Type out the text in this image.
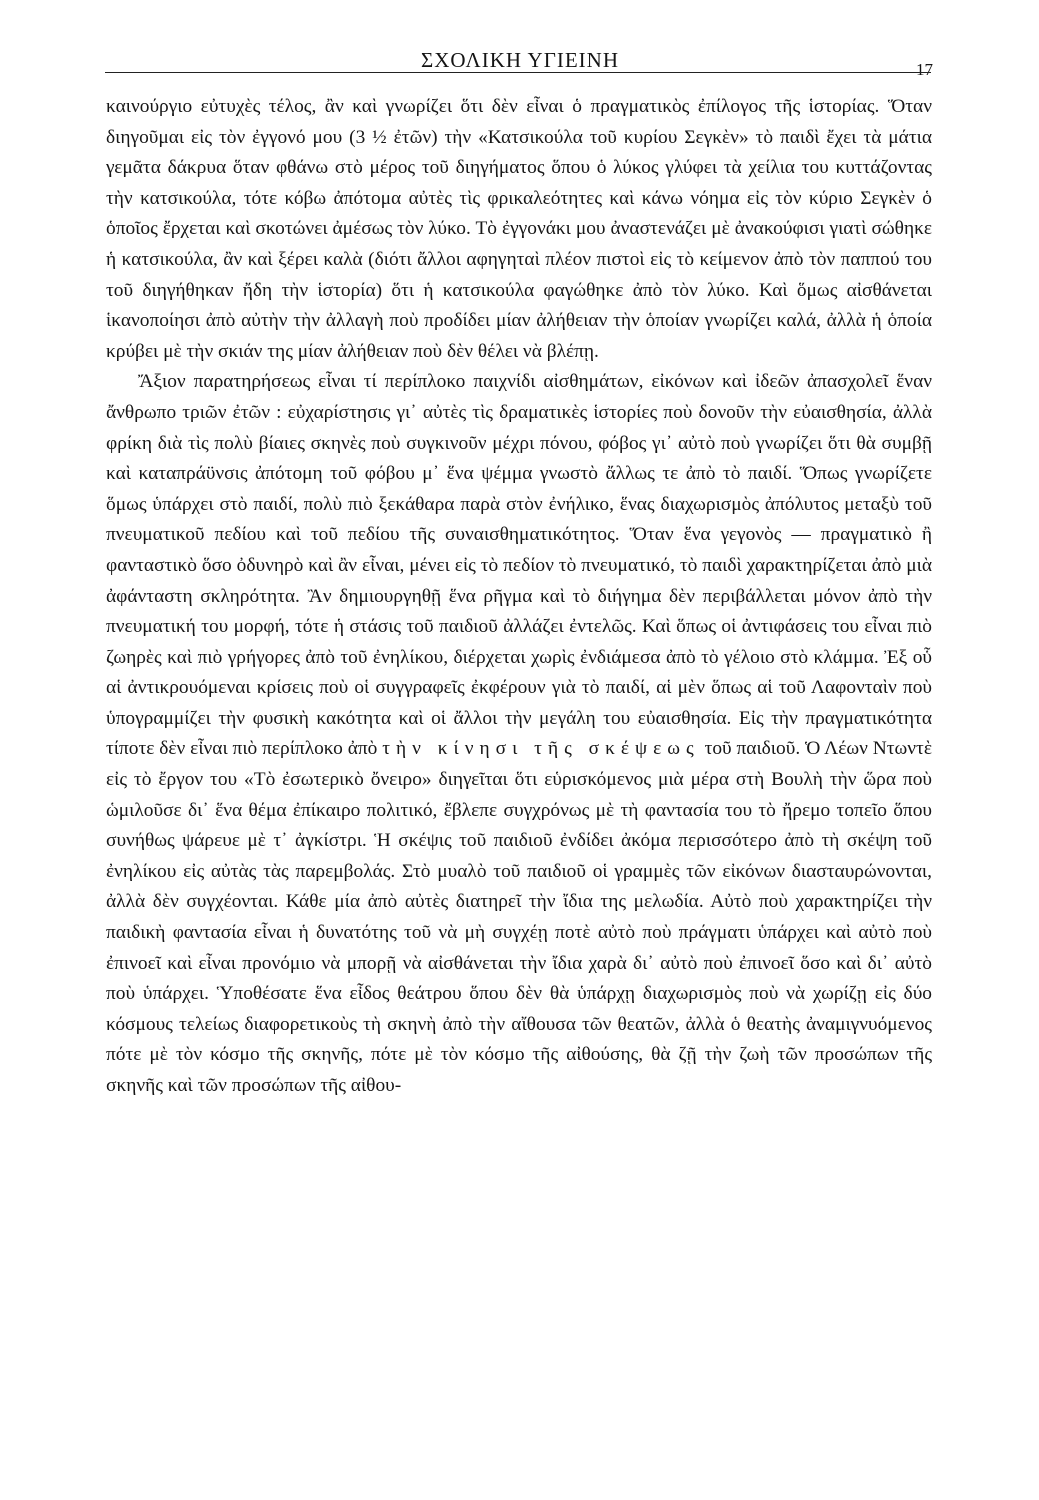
ΣΧΟΛΙΚΗ ΥΓΙΕΙΝΗ	17

καινούργιο εὐτυχὲς τέλος, ἂν καὶ γνωρίζει ὅτι δὲν εἶναι ὁ πραγματικὸς ἐπίλογος τῆς ἱστορίας. Ὅταν διηγοῦμαι εἰς τὸν ἐγγονό μου (3 ½ ἐτῶν) τὴν «Κατσικούλα τοῦ κυρίου Σεγκὲν» τὸ παιδὶ ἔχει τὰ μάτια γεμᾶτα δάκρυα ὅταν φθάνω στὸ μέρος τοῦ διηγήματος ὅπου ὁ λύκος γλύφει τὰ χείλια του κυττάζοντας τὴν κατσικούλα, τότε κόβω ἀπότομα αὐτὲς τὶς φρικαλεότητες καὶ κάνω νόημα εἰς τὸν κύριο Σεγκὲν ὁ ὁποῖος ἔρχεται καὶ σκοτώνει ἀμέσως τὸν λύκο. Τὸ ἐγγονάκι μου ἀναστενάζει μὲ ἀνακούφισι γιατὶ σώθηκε ἡ κατσικούλα, ἂν καὶ ξέρει καλὰ (διότι ἄλλοι αφηγηταὶ πλέον πιστοὶ εἰς τὸ κείμενον ἀπὸ τὸν παππού του τοῦ διηγήθηκαν ἤδη τὴν ἱστορία) ὅτι ἡ κατσικούλα φαγώθηκε ἀπὸ τὸν λύκο. Καὶ ὅμως αἰσθάνεται ἱκανοποίησι ἀπὸ αὐτὴν τὴν ἀλλαγὴ ποὺ προδίδει μίαν ἀλήθειαν τὴν ὁποίαν γνωρίζει καλά, ἀλλὰ ἡ ὁποία κρύβει μὲ τὴν σκιάν της μίαν ἀλήθειαν ποὺ δὲν θέλει νὰ βλέπῃ.

Ἄξιον παρατηρήσεως εἶναι τί περίπλοκο παιχνίδι αἰσθημάτων, εἰκόνων καὶ ἰδεῶν ἀπασχολεῖ ἕναν ἄνθρωπο τριῶν ἐτῶν : εὐχαρίστησις γι᾿ αὐτὲς τὶς δραματικὲς ἱστορίες ποὺ δονοῦν τὴν εὐαισθησία, ἀλλὰ φρίκη διὰ τὶς πολὺ βίαιες σκηνὲς ποὺ συγκινοῦν μέχρι πόνου, φόβος γι᾿ αὐτὸ ποὺ γνωρίζει ὅτι θὰ συμβῇ καὶ καταπράϋνσις ἀπότομη τοῦ φόβου μ᾿ ἕνα ψέμμα γνωστὸ ἄλλως τε ἀπὸ τὸ παιδί. Ὅπως γνωρίζετε ὅμως ὑπάρχει στὸ παιδί, πολὺ πιὸ ξεκάθαρα παρὰ στὸν ἐνήλικο, ἕνας διαχωρισμὸς ἀπόλυτος μεταξὺ τοῦ πνευματικοῦ πεδίου καὶ τοῦ πεδίου τῆς συναισθηματικότητος. Ὅταν ἕνα γεγονὸς — πραγματικὸ ἢ φανταστικὸ ὅσο ὀδυνηρὸ καὶ ἂν εἶναι, μένει εἰς τὸ πεδίον τὸ πνευματικό, τὸ παιδὶ χαρακτηρίζεται ἀπὸ μιὰ ἀφάνταστη σκληρότητα. Ἂν δημιουργηθῇ ἕνα ρῆγμα καὶ τὸ διήγημα δὲν περιβάλλεται μόνον ἀπὸ τὴν πνευματική του μορφή, τότε ἡ στάσις τοῦ παιδιοῦ ἀλλάζει ἐντελῶς. Καὶ ὅπως οἱ ἀντιφάσεις του εἶναι πιὸ ζωηρὲς καὶ πιὸ γρήγορες ἀπὸ τοῦ ἐνηλίκου, διέρχεται χωρὶς ἐνδιάμεσα ἀπὸ τὸ γέλοιο στὸ κλάμμα. Ἐξ οὗ αἱ ἀντικρουόμεναι κρίσεις ποὺ οἱ συγγραφεῖς ἐκφέρουν γιὰ τὸ παιδί, αἱ μὲν ὅπως αἱ τοῦ Λαφονταὶν ποὺ ὑπογραμμίζει τὴν φυσικὴ κακότητα καὶ οἱ ἄλλοι τὴν μεγάλη του εὐαισθησία. Εἰς τὴν πραγματικότητα τίποτε δὲν εἶναι πιὸ περίπλοκο ἀπὸ τὴν κίνησι τῆς σκέψεως τοῦ παιδιοῦ. Ὁ Λέων Ντωντὲ εἰς τὸ ἔργον του «Τὸ ἐσωτερικὸ ὄνειρο» διηγεῖται ὅτι εὑρισκόμενος μιὰ μέρα στὴ Βουλὴ τὴν ὥρα ποὺ ὡμιλοῦσε δι᾿ ἕνα θέμα ἐπίκαιρο πολιτικό, ἔβλεπε συγχρόνως μὲ τὴ φαντασία του τὸ ἤρεμο τοπεῖο ὅπου συνήθως ψάρευε μὲ τ᾿ ἀγκίστρι. Ἡ σκέψις τοῦ παιδιοῦ ἐνδίδει ἀκόμα περισσότερο ἀπὸ τὴ σκέψη τοῦ ἐνηλίκου εἰς αὐτὰς τὰς παρεμβολάς. Στὸ μυαλὸ τοῦ παιδιοῦ οἱ γραμμὲς τῶν εἰκόνων διασταυρώνονται, ἀλλὰ δὲν συγχέονται. Κάθε μία ἀπὸ αὐτὲς διατηρεῖ τὴν ἴδια της μελωδία. Αὐτὸ ποὺ χαρακτηρίζει τὴν παιδικὴ φαντασία εἶναι ἡ δυνατότης τοῦ νὰ μὴ συγχέῃ ποτὲ αὐτὸ ποὺ πράγματι ὑπάρχει καὶ αὐτὸ ποὺ ἐπινοεῖ καὶ εἶναι προνόμιο νὰ μπορῇ νὰ αἰσθάνεται τὴν ἴδια χαρὰ δι᾿ αὐτὸ ποὺ ἐπινοεῖ ὅσο καὶ δι᾿ αὐτὸ ποὺ ὑπάρχει. Ὑποθέσατε ἕνα εἶδος θεάτρου ὅπου δὲν θὰ ὑπάρχῃ διαχωρισμὸς ποὺ νὰ χωρίζῃ εἰς δύο κόσμους τελείως διαφορετικοὺς τὴ σκηνὴ ἀπὸ τὴν αἴθουσα τῶν θεατῶν, ἀλλὰ ὁ θεατὴς ἀναμιγνυόμενος πότε μὲ τὸν κόσμο τῆς σκηνῆς, πότε μὲ τὸν κόσμο τῆς αἰθούσης, θὰ ζῇ τὴν ζωὴ τῶν προσώπων τῆς σκηνῆς καὶ τῶν προσώπων τῆς αἰθου-
